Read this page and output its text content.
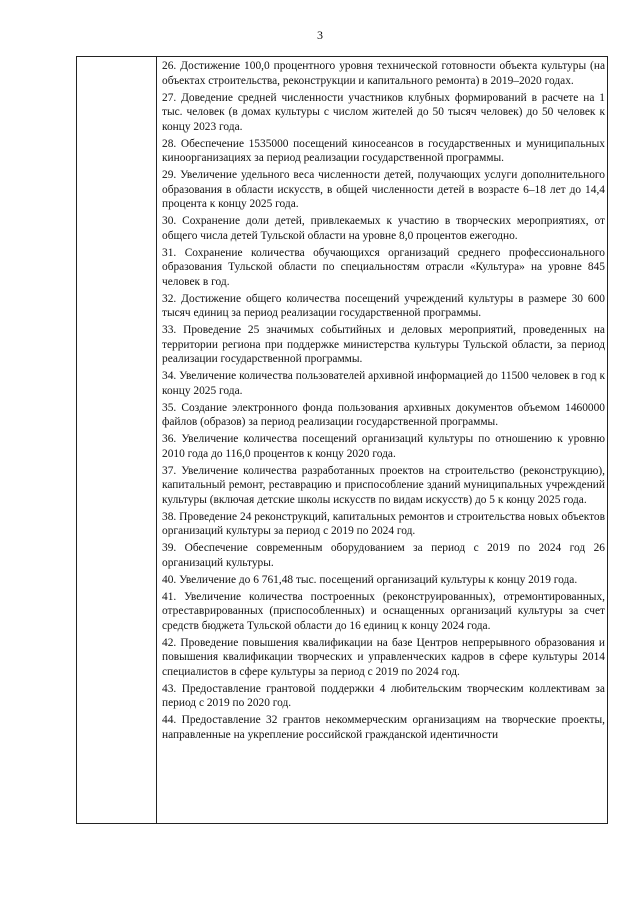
3

26. Достижение 100,0 процентного уровня технической готовности объекта культуры (на объектах строительства, реконструкции и капитального ремонта) в 2019–2020 годах.

27. Доведение средней численности участников клубных формирований в расчете на 1 тыс. человек (в домах культуры с числом жителей до 50 тысяч человек) до 50 человек к концу 2023 года.

28. Обеспечение 1535000 посещений киносеансов в государственных и муниципальных киноорганизациях за период реализации государственной программы.

29. Увеличение удельного веса численности детей, получающих услуги дополнительного образования в области искусств, в общей численности детей в возрасте 6–18 лет до 14,4 процента к концу 2025 года.

30. Сохранение доли детей, привлекаемых к участию в творческих мероприятиях, от общего числа детей Тульской области на уровне 8,0 процентов ежегодно.

31. Сохранение количества обучающихся организаций среднего профессионального образования Тульской области по специальностям отрасли «Культура» на уровне 845 человек в год.

32. Достижение общего количества посещений учреждений культуры в размере 30 600 тысяч единиц за период реализации государственной программы.

33. Проведение 25 значимых событийных и деловых мероприятий, проведенных на территории региона при поддержке министерства культуры Тульской области, за период реализации государственной программы.

34. Увеличение количества пользователей архивной информацией до 11500 человек в год к концу 2025 года.

35. Создание электронного фонда пользования архивных документов объемом 1460000 файлов (образов) за период реализации государственной программы.

36. Увеличение количества посещений организаций культуры по отношению к уровню 2010 года до 116,0 процентов к концу 2020 года.

37. Увеличение количества разработанных проектов на строительство (реконструкцию), капитальный ремонт, реставрацию и приспособление зданий муниципальных учреждений культуры (включая детские школы искусств по видам искусств) до 5 к концу 2025 года.

38. Проведение 24 реконструкций, капитальных ремонтов и строительства новых объектов организаций культуры за период с 2019 по 2024 год.

39. Обеспечение современным оборудованием за период с 2019 по 2024 год 26 организаций культуры.

40. Увеличение до 6 761,48 тыс. посещений организаций культуры к концу 2019 года.

41. Увеличение количества построенных (реконструированных), отремонтированных, отреставрированных (приспособленных) и оснащенных организаций культуры за счет средств бюджета Тульской области до 16 единиц к концу 2024 года.

42. Проведение повышения квалификации на базе Центров непрерывного образования и повышения квалификации творческих и управленческих кадров в сфере культуры 2014 специалистов в сфере культуры за период с 2019 по 2024 год.

43. Предоставление грантовой поддержки 4 любительским творческим коллективам за период с 2019 по 2020 год.

44. Предоставление 32 грантов некоммерческим организациям на творческие проекты, направленные на укрепление российской гражданской идентичности
